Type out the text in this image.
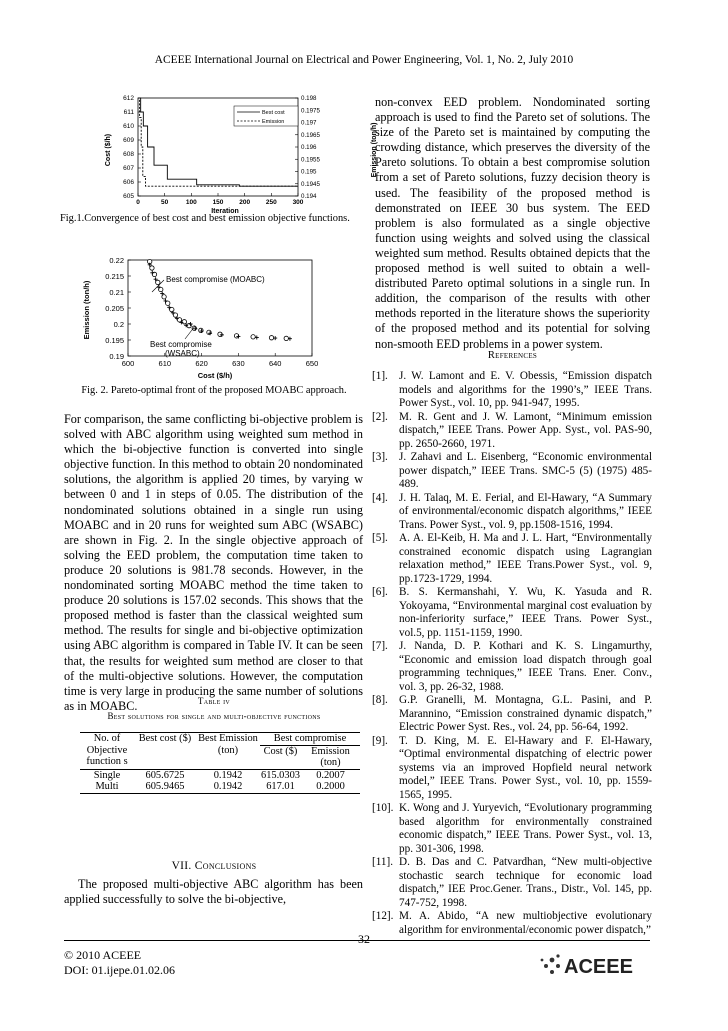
ACEEE International Journal on Electrical and Power Engineering, Vol. 1, No. 2, July 2010
0	50	100 150 200 250 300
605
606
607
608
609
610
611
612
0.194
0.1945
0.195
0.1955
0.196
0.1965
0.197
0.1975
0.198
Iteration
Cost ($/h)	Emission (ton/h)
Best cost
Emission
Fig.1.Convergence of best cost and best emission objective functions.
600	610	620	630	640	650
0.19
0.195
0.2
0.205
0.21
0.215
0.22
Cost ($/h)
Emission (ton/h)
Best compromise (MOABC)
Best compromise
(WSABC)
Fig. 2. Pareto-optimal front of the proposed MOABC approach.
For comparison, the same conflicting bi-objective problem is solved with ABC algorithm using weighted sum method in which the bi-objective function is converted into single objective function. In this method to obtain 20 nondominated solutions, the algorithm is applied 20 times, by varying w between 0 and 1 in steps of 0.05. The distribution of the nondominated solutions obtained in a single run using MOABC and in 20 runs for weighted sum ABC (WSABC) are shown in Fig. 2. In the single objective approach of solving the EED problem, the computation time taken to produce 20 solutions is 981.78 seconds. However, in the nondominated sorting MOABC method the time taken to produce 20 solutions is 157.02 seconds. This shows that the proposed method is faster than the classical weighted sum method. The results for single and bi-objective optimization using ABC algorithm is compared in Table IV. It can be seen that, the results for weighted sum method are closer to that of the multi-objective solutions. However, the computation time is very large in producing the same number of solutions as in MOABC.	Table iv
Best solutions for single and multi-objective functions
No. of Objective function s	Best cost ($)	Best Emission (ton)	Best compromise	
			Cost ($)	Emission (ton)
Single	605.6725	0.1942	615.0303	0.2007
Multi	605.9465	0.1942	617.01	0.2000
VII. Conclusions
The proposed multi-objective ABC algorithm has been applied successfully to solve the bi-objective,
non-convex EED problem. Nondominated sorting approach is used to find the Pareto set of solutions. The size of the Pareto set is maintained by computing the crowding distance, which preserves the diversity of the Pareto solutions. To obtain a best compromise solution from a set of Pareto solutions, fuzzy decision theory is used. The feasibility of the proposed method is demonstrated on IEEE 30 bus system. The EED problem is also formulated as a single objective function using weights and solved using the classical weighted sum method. Results obtained depicts that the proposed method is well suited to obtain a well-distributed Pareto optimal solutions in a single run. In addition, the comparison of the results with other methods reported in the literature shows the superiority of the proposed method and its potential for solving non-smooth EED problems in a power system.
References
[1]. J. W. Lamont and E. V. Obessis, “Emission dispatch models and algorithms for the 1990’s,” IEEE Trans. Power Syst., vol. 10, pp. 941-947, 1995.
[2]. M. R. Gent and J. W. Lamont, “Minimum emission dispatch,” IEEE Trans. Power App. Syst., vol. PAS-90, pp. 2650-2660, 1971.
[3]. J. Zahavi and L. Eisenberg, “Economic environmental power dispatch,” IEEE Trans. SMC-5 (5) (1975) 485-489.
[4]. J. H. Talaq, M. E. Ferial, and El-Hawary, “A Summary of environmental/economic dispatch algorithms,” IEEE Trans. Power Syst., vol. 9, pp.1508-1516, 1994.
[5]. A. A. El-Keib, H. Ma and J. L. Hart, “Environmentally constrained economic dispatch using Lagrangian relaxation method,” IEEE Trans.Power Syst., vol. 9, pp.1723-1729, 1994.
[6]. B. S. Kermanshahi, Y. Wu, K. Yasuda and R. Yokoyama, “Environmental marginal cost evaluation by non-inferiority surface,” IEEE Trans. Power Syst., vol.5, pp. 1151-1159, 1990.
[7]. J. Nanda, D. P. Kothari and K. S. Lingamurthy, “Economic and emission load dispatch through goal programming techniques,” IEEE Trans. Ener. Conv., vol. 3, pp. 26-32, 1988.
[8]. G.P. Granelli, M. Montagna, G.L. Pasini, and P. Marannino, “Emission constrained dynamic dispatch,” Electric Power Syst. Res., vol. 24, pp. 56-64, 1992.
[9]. T. D. King, M. E. El-Hawary and F. El-Hawary, “Optimal environmental dispatching of electric power systems via an improved Hopfield neural network model,” IEEE Trans. Power Syst., vol. 10, pp. 1559-1565, 1995.
[10]. K. Wong and J. Yuryevich, “Evolutionary programming based algorithm for environmentally constrained economic dispatch,” IEEE Trans. Power Syst., vol. 13, pp. 301-306, 1998.
[11]. D. B. Das and C. Patvardhan, “New multi-objective stochastic search technique for economic load dispatch,” IEE Proc.Gener. Trans., Distr., Vol. 145, pp. 747-752, 1998.
[12]. M. A. Abido, “A new multiobjective evolutionary algorithm for environmental/economic power dispatch,”
32
© 2010 ACEEE
DOI: 01.ijepe.01.02.06	ACEEE
